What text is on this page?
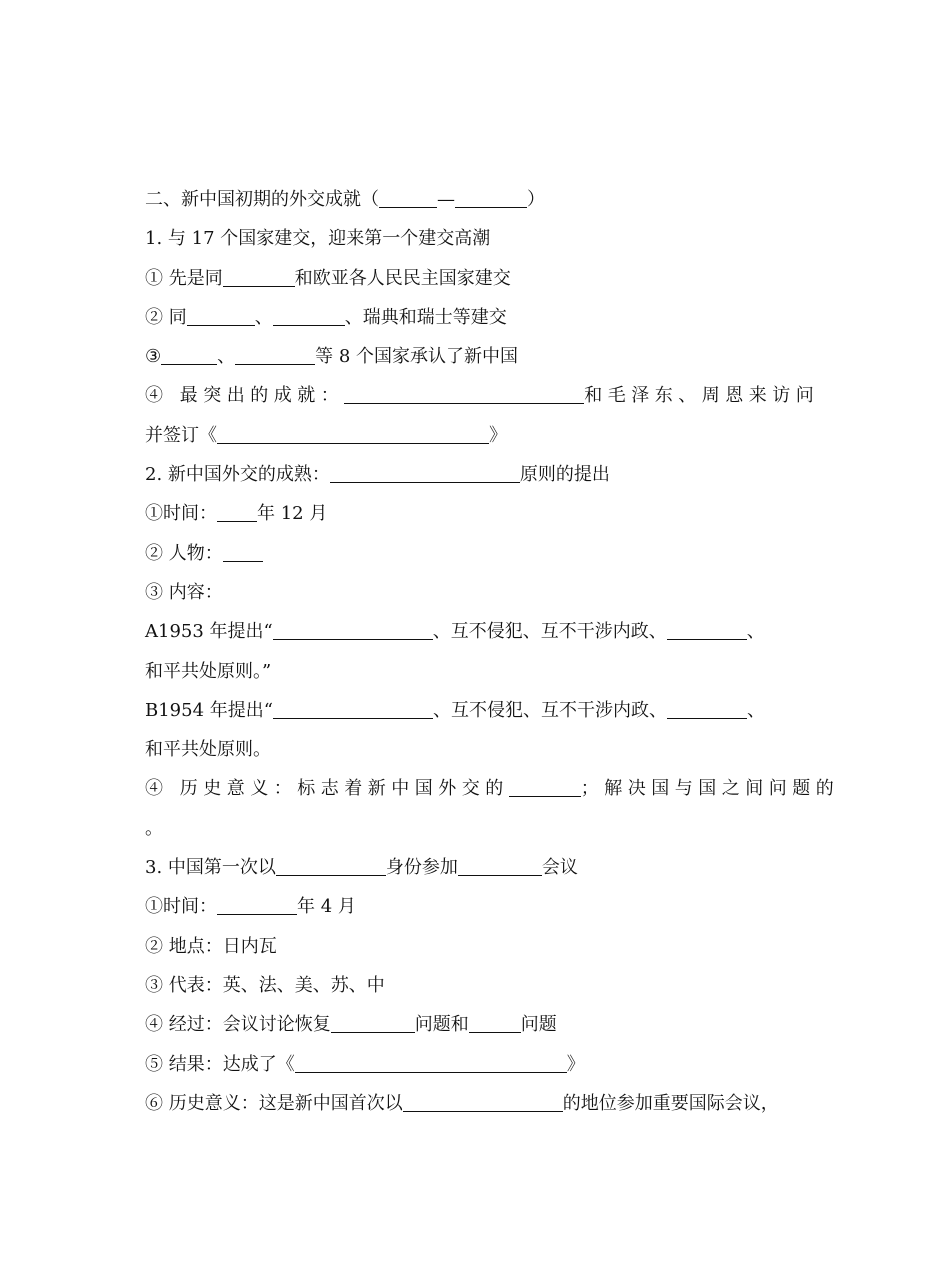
二、新中国初期的外交成就（	—	）
1. 与 17 个国家建交，迎来第一个建交高潮
① 先是同	和欧亚各人民民主国家建交
② 同	、	、瑞典和瑞士等建交
③	、	等 8 个国家承认了新中国
④ 最突出的成就：	和毛泽东、周恩来访问
并签订《	》
2. 新中国外交的成熟：	原则的提出
①时间： 年 12 月
② 人物：
③ 内容：
A1953 年提出“	、互不侵犯、互不干涉内政、	、
和平共处原则。”
B1954 年提出“	、互不侵犯、互不干涉内政、	、
和平共处原则。
④ 历史意义：标志着新中国外交的	；解决国与国之间问题的
。
3. 中国第一次以	身份参加	会议
①时间：	年 4 月
② 地点：日内瓦
③ 代表：英、法、美、苏、中
④ 经过：会议讨论恢复	问题和	问题
⑤ 结果：达成了《	》
⑥ 历史意义：这是新中国首次以	的地位参加重要国际会议，
